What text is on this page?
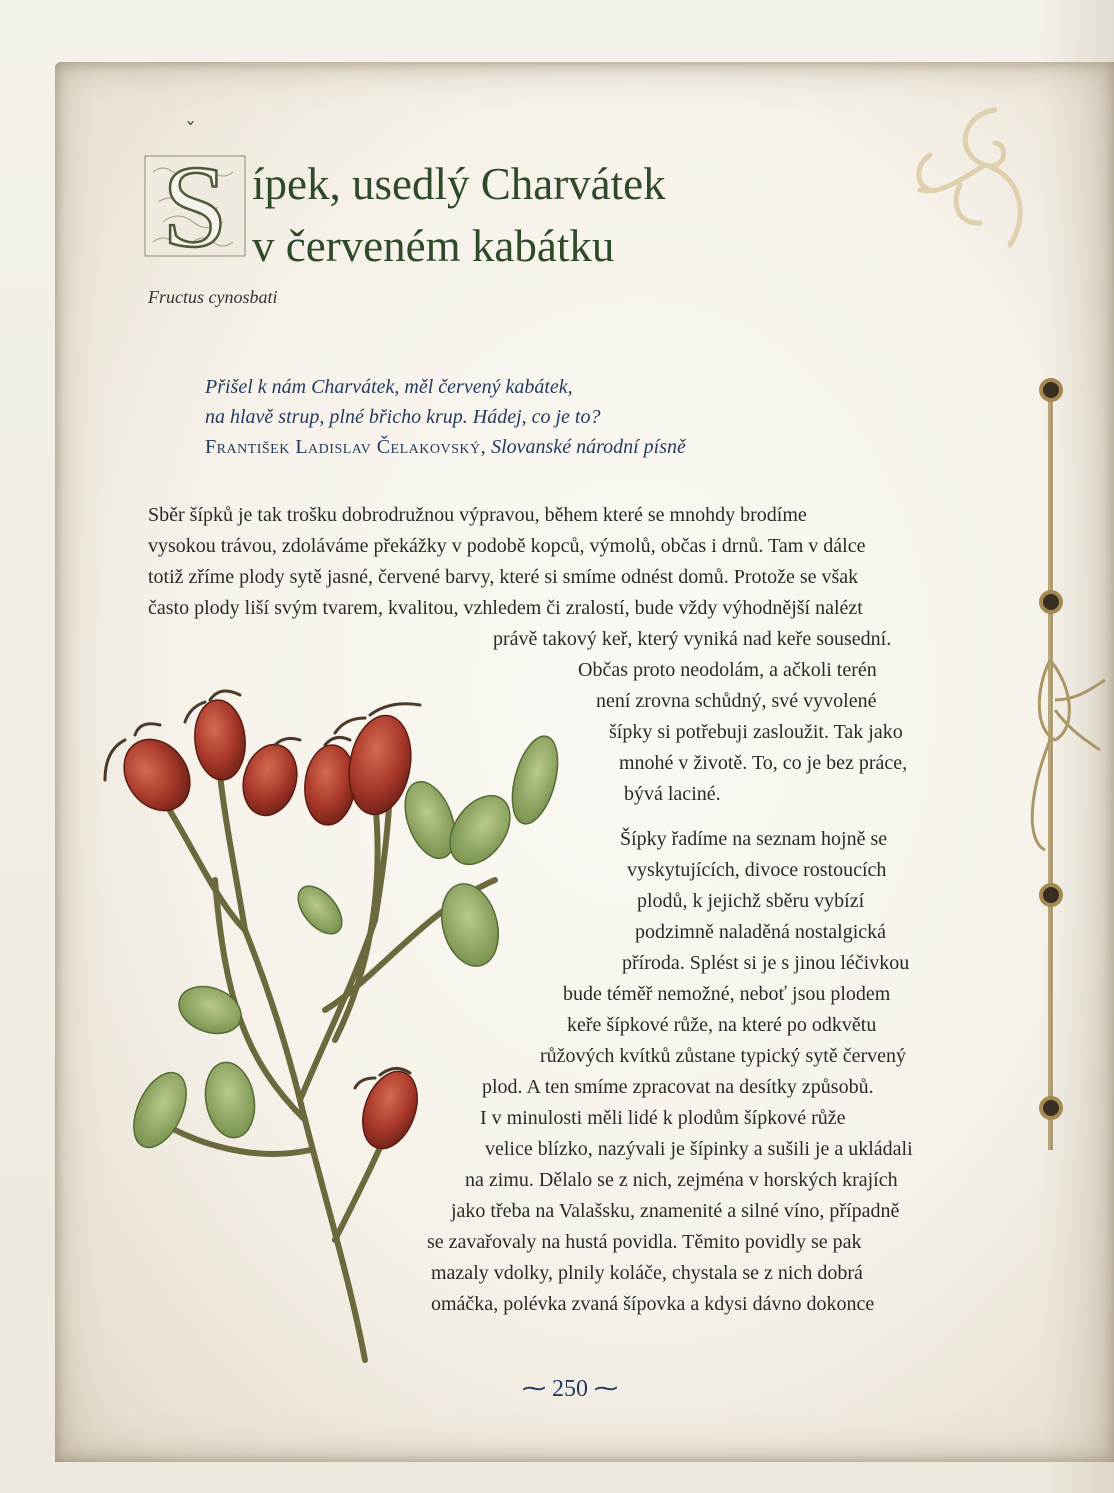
ˇ
S ípek, usedlý Charvátek
v červeném kabátku
Fructus cynosbati
Přišel k nám Charvátek, měl červený kabátek,
na hlavě strup, plné břicho krup. Hádej, co je to?
František Ladislav Čelakovský, Slovanské národní písně
Sběr šípků je tak trošku dobrodružnou výpravou, během které se mnohdy brodíme
vysokou trávou, zdoláváme překážky v podobě kopců, výmolů, občas i drnů. Tam v dálce
totiž zříme plody sytě jasné, červené barvy, které si smíme odnést domů. Protože se však
často plody liší svým tvarem, kvalitou, vzhledem či zralostí, bude vždy výhodnější nalézt
právě takový keř, který vyniká nad keře sousední.
Občas proto neodolám, a ačkoli terén
není zrovna schůdný, své vyvolené
šípky si potřebuji zasloužit. Tak jako
mnohé v životě. To, co je bez práce,
bývá laciné.
Šípky řadíme na seznam hojně se
vyskytujících, divoce rostoucích
plodů, k jejichž sběru vybízí
podzimně naladěná nostalgická
příroda. Splést si je s jinou léčivkou
bude téměř nemožné, neboť jsou plodem
keře šípkové růže, na které po odkvětu
růžových kvítků zůstane typický sytě červený
plod. A ten smíme zpracovat na desítky způsobů.
I v minulosti měli lidé k plodům šípkové růže
velice blízko, nazývali je šípinky a sušili je a ukládali
na zimu. Dělalo se z nich, zejména v horských krajích
jako třeba na Valašsku, znamenité a silné víno, případně
se zavařovaly na hustá povidla. Těmito povidly se pak
mazaly vdolky, plnily koláče, chystala se z nich dobrá
omáčka, polévka zvaná šípovka a kdysi dávno dokonce
⁓ 250 ⁓
